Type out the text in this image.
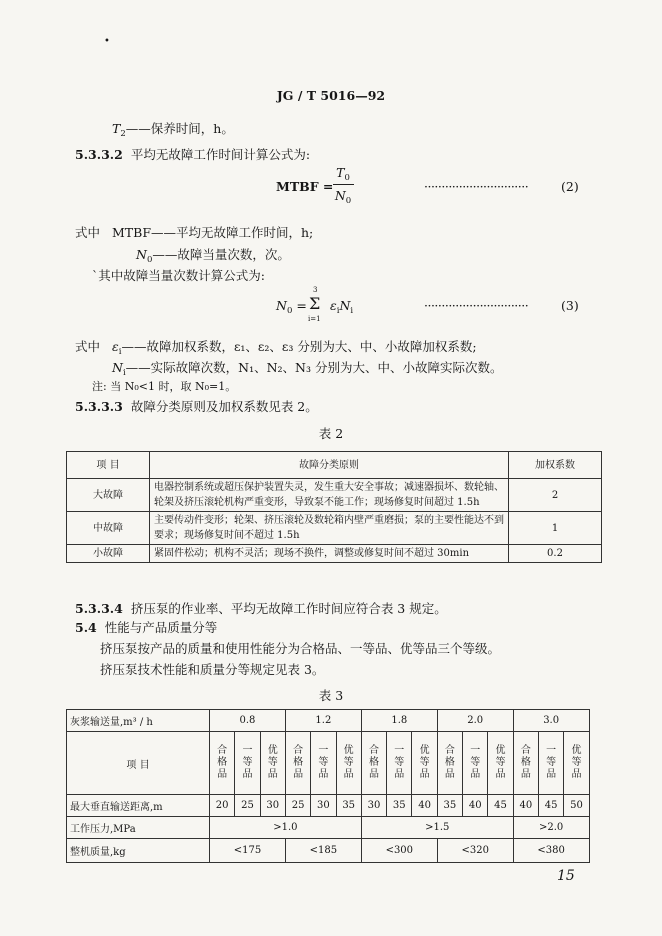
JG / T 5016—92
•
$T_2——$保养时间，h。
5.3.3.2 平均无故障工作时间计算公式为:
MTBF =
$T_0$
$N_0$
······························	(2)
式中 MTBF——平均无故障工作时间，h;
$N_0——$故障当量次数，次。
`其中故障当量次数计算公式为:
$N_0$ =
3
Σ
i=1
$\varepsilon_iN_i$	······························	(3)
式中 $\varepsilon_i——$故障加权系数，ε₁、ε₂、ε₃ 分别为大、中、小故障加权系数;
$N_i——$实际故障次数，N₁、N₂、N₃ 分别为大、中、小故障实际次数。
注: 当 N₀<1 时，取 N₀=1。
5.3.3.3 故障分类原则及加权系数见表 2。
表 2
项 目	故障分类原则	加权系数
大故障	电器控制系统或超压保护装置失灵，发生重大安全事故；减速器损坏、数轮轴、轮架及挤压滚轮机构严重变形，导致泵不能工作；现场修复时间超过 1.5h	2
中故障	主要传动件变形；轮架、挤压滚轮及数轮箱内壁严重磨损；泵的主要性能达不到要求；现场修复时间不超过 1.5h	1
小故障	紧固件松动；机构不灵活；现场不换件，调整或修复时间不超过 30min	0.2
5.3.3.4 挤压泵的作业率、平均无故障工作时间应符合表 3 规定。
5.4 性能与产品质量分等
挤压泵按产品的质量和使用性能分为合格品、一等品、优等品三个等级。
挤压泵技术性能和质量分等规定见表 3。
表 3
灰浆输送量,m³ / h	0.8			1.2			1.8			2.0			3.0		
项 目	合格品	一等品	优等品	合格品	一等品	优等品	合格品	一等品	优等品	合格品	一等品	优等品	合格品	一等品	优等品
最大垂直输送距离,m	20	25	30	25	30	35	30	35	40	35	40	45	40	45	50
工作压力,MPa	>1.0						>1.5						>2.0		
整机质量,kg	<175			<185			<300			<320			<380		
15
